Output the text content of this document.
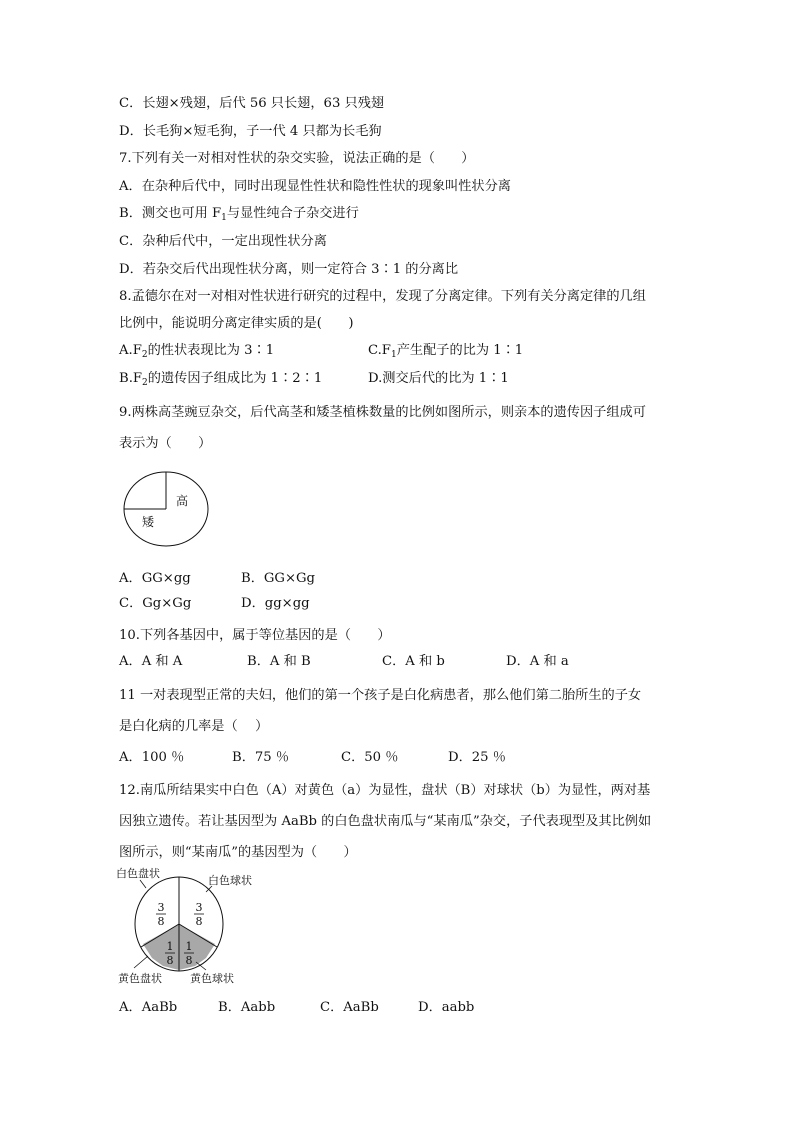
C．长翅×残翅，后代 56 只长翅，63 只残翅
D．长毛狗×短毛狗，子一代 4 只都为长毛狗
7.下列有关一对相对性状的杂交实验，说法正确的是（　　）
A．在杂种后代中，同时出现显性性状和隐性性状的现象叫性状分离
B．测交也可用 $F_1$与显性纯合子杂交进行
C．杂种后代中，一定出现性状分离
D．若杂交后代出现性状分离，则一定符合 3∶1 的分离比
8.孟德尔在对一对相对性状进行研究的过程中，发现了分离定律。下列有关分离定律的几组
比例中，能说明分离定律实质的是(　　)
$A.F_2$的性状表现比为 3∶1	$C.F_1$产生配子的比为 1∶1
$B.F_2$的遗传因子组成比为 1∶2∶1	D.测交后代的比为 1∶1
9.两株高茎豌豆杂交，后代高茎和矮茎植株数量的比例如图所示，则亲本的遗传因子组成可
表示为（　　）
高
矮
A．GG×gg	B．GG×Gg
C．Gg×Gg	D．gg×gg
10.下列各基因中，属于等位基因的是（　　）
A．A 和 A	B．A 和 B	C．A 和 b	D．A 和 a
11 一对表现型正常的夫妇，他们的第一个孩子是白化病患者，那么他们第二胎所生的子女
是白化病的几率是（　 ）
A．100 ％	B．75 ％	C．50 ％	D．25 ％
12.南瓜所结果实中白色（A）对黄色（a）为显性，盘状（B）对球状（b）为显性，两对基
因独立遗传。若让基因型为 AaBb 的白色盘状南瓜与“某南瓜”杂交，子代表现型及其比例如
图所示，则“某南瓜”的基因型为（　　）
白色盘状
白色球状
黄色盘状	黄色球状
3
8
3
8
1
8
1
8
A．AaBb	B．Aabb	C．AaBb	D．aabb
